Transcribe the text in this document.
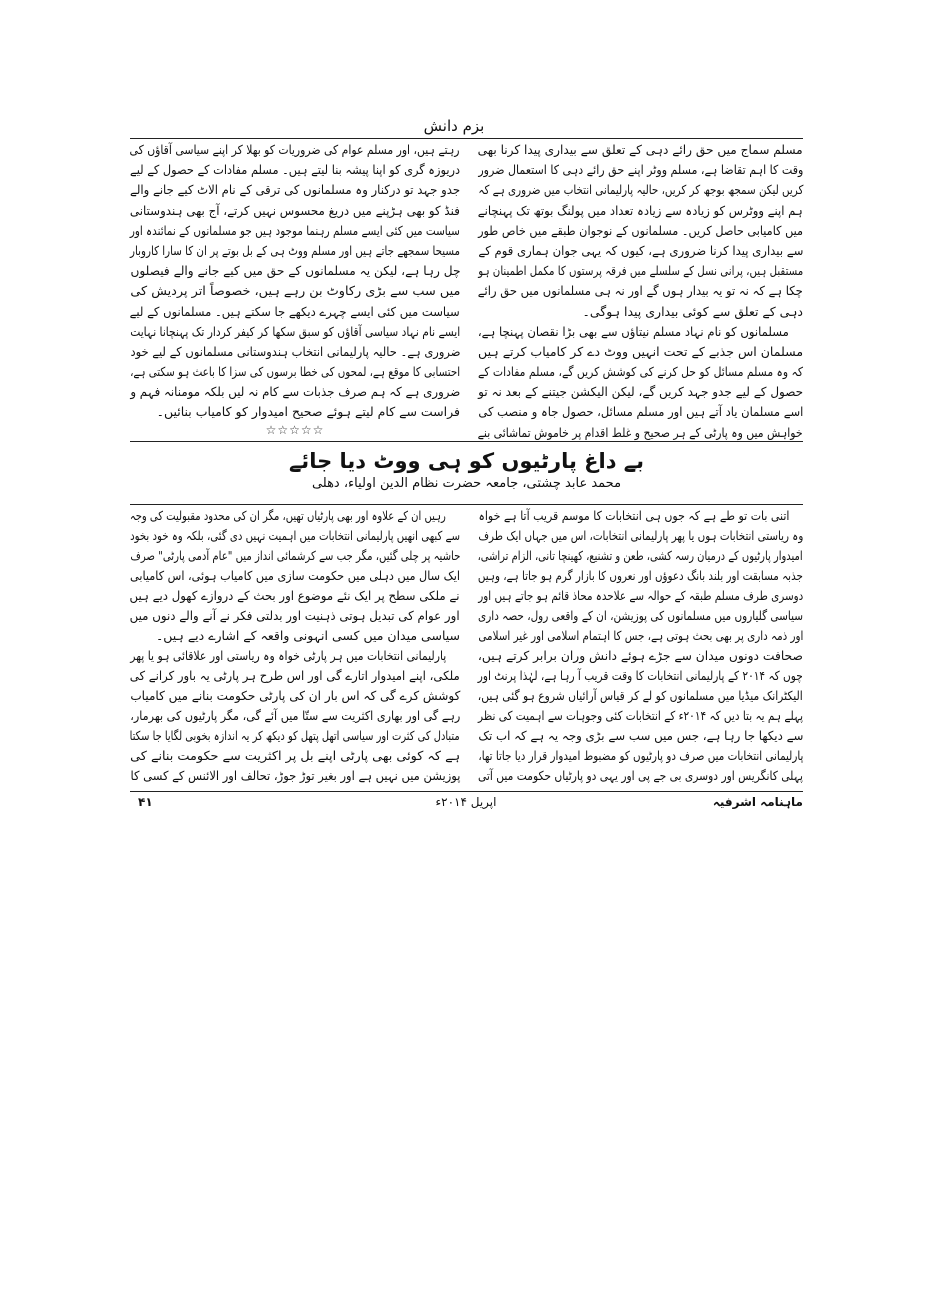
بزم دانش
مسلم سماج میں حق رائے دہی کے تعلق سے بیداری پیدا کرنا بھی
وقت کا اہم تقاضا ہے، مسلم ووٹر اپنے حق رائے دہی کا استعمال ضرور
کریں لیکن سمجھ بوجھ کر کریں، حالیہ پارلیمانی انتخاب میں ضروری ہے کہ
ہم اپنے ووٹرس کو زیادہ سے زیادہ تعداد میں پولنگ بوتھ تک پہنچانے
میں کامیابی حاصل کریں۔ مسلمانوں کے نوجوان طبقے میں خاص طور
سے بیداری پیدا کرنا ضروری ہے، کیوں کہ یہی جوان ہماری قوم کے
مستقبل ہیں، پرانی نسل کے سلسلے میں فرقہ پرستوں کا مکمل اطمینان ہو
چکا ہے کہ نہ تو یہ بیدار ہوں گے اور نہ ہی مسلمانوں میں حق رائے
دہی کے تعلق سے کوئی بیداری پیدا ہوگی۔
مسلمانوں کو نام نہاد مسلم نیتاؤں سے بھی بڑا نقصان پہنچا ہے،
مسلمان اس جذبے کے تحت انہیں ووٹ دے کر کامیاب کرتے ہیں
کہ وہ مسلم مسائل کو حل کرنے کی کوشش کریں گے، مسلم مفادات کے
حصول کے لیے جدو جہد کریں گے، لیکن الیکشن جیتنے کے بعد نہ تو
اسے مسلمان یاد آتے ہیں اور مسلم مسائل، حصول جاہ و منصب کی
خواہش میں وہ پارٹی کے ہر صحیح و غلط اقدام پر خاموش تماشائی بنے
رہتے ہیں، اور مسلم عوام کی ضروریات کو بھلا کر اپنے سیاسی آقاؤں کی
دریوزہ گری کو اپنا پیشہ بنا لیتے ہیں۔ مسلم مفادات کے حصول کے لیے
جدو جہد تو درکنار وہ مسلمانوں کی ترقی کے نام الاٹ کیے جانے والے
فنڈ کو بھی ہڑپنے میں دریغ محسوس نہیں کرتے، آج بھی ہندوستانی
سیاست میں کئی ایسے مسلم رہنما موجود ہیں جو مسلمانوں کے نمائندہ اور
مسیحا سمجھے جاتے ہیں اور مسلم ووٹ ہی کے بل بوتے پر ان کا سارا کاروبار
چل رہا ہے، لیکن یہ مسلمانوں کے حق میں کیے جانے والے فیصلوں
میں سب سے بڑی رکاوٹ بن رہے ہیں، خصوصاً اتر پردیش کی
سیاست میں کئی ایسے چہرے دیکھے جا سکتے ہیں۔ مسلمانوں کے لیے
ایسے نام نہاد سیاسی آقاؤں کو سبق سکھا کر کیفر کردار تک پہنچانا نہایت
ضروری ہے۔ حالیہ پارلیمانی انتخاب ہندوستانی مسلمانوں کے لیے خود
احتسابی کا موقع ہے، لمحوں کی خطا برسوں کی سزا کا باعث ہو سکتی ہے،
ضروری ہے کہ ہم صرف جذبات سے کام نہ لیں بلکہ مومنانہ فہم و
فراست سے کام لیتے ہوئے صحیح امیدوار کو کامیاب بنائیں۔
☆☆☆☆☆
بے داغ پارٹیوں کو ہی ووٹ دیا جائے
محمد عابد چشتی، جامعہ حضرت نظام الدین اولیاء، دھلی
اتنی بات تو طے ہے کہ جوں ہی انتخابات کا موسم قریب آتا ہے خواہ
وہ ریاستی انتخابات ہوں یا پھر پارلیمانی انتخابات، اس میں جہاں ایک طرف
امیدوار پارٹیوں کے درمیان رسہ کشی، طعن و تشنیع، کھینچا تانی، الزام تراشی،
جذبہ مسابقت اور بلند بانگ دعوؤں اور نعروں کا بازار گرم ہو جاتا ہے، وہیں
دوسری طرف مسلم طبقہ کے حوالہ سے علاحدہ محاذ قائم ہو جاتے ہیں اور
سیاسی گلیاروں میں مسلمانوں کی پوزیشن، ان کے واقعی رول، حصہ داری
اور ذمہ داری پر بھی بحث ہوتی ہے، جس کا اہتمام اسلامی اور غیر اسلامی
صحافت دونوں میدان سے جڑے ہوئے دانش وران برابر کرتے ہیں،
چوں کہ ۲۰۱۴ کے پارلیمانی انتخابات کا وقت قریب آ رہا ہے، لہٰذا پرنٹ اور
الیکٹرانک میڈیا میں مسلمانوں کو لے کر قیاس آرائیاں شروع ہو گئی ہیں،
پہلے ہم یہ بتا دیں کہ ۲۰۱۴ء کے انتخابات کئی وجوہات سے اہمیت کی نظر
سے دیکھا جا رہا ہے، جس میں سب سے بڑی وجہ یہ ہے کہ اب تک
پارلیمانی انتخابات میں صرف دو پارٹیوں کو مضبوط امیدوار قرار دیا جاتا تھا،
پہلی کانگریس اور دوسری بی جے پی اور یہی دو پارٹیاں حکومت میں آتی
رہیں ان کے علاوہ اور بھی پارٹیاں تھیں، مگر ان کی محدود مقبولیت کی وجہ
سے کبھی انھیں پارلیمانی انتخابات میں اہمیت نہیں دی گئی، بلکہ وہ خود بخود
حاشیہ پر چلی گئیں، مگر جب سے کرشمائی انداز میں "عام آدمی پارٹی" صرف
ایک سال میں دہلی میں حکومت سازی میں کامیاب ہوئی، اس کامیابی
نے ملکی سطح پر ایک نئے موضوع اور بحث کے دروازے کھول دیے ہیں
اور عوام کی تبدیل ہوتی ذہنیت اور بدلتی فکر نے آنے والے دنوں میں
سیاسی میدان میں کسی انہونی واقعہ کے اشارے دیے ہیں۔
پارلیمانی انتخابات میں ہر پارٹی خواہ وہ ریاستی اور علاقائی ہو یا پھر
ملکی، اپنے امیدوار اتارے گی اور اس طرح ہر پارٹی یہ باور کرانے کی
کوشش کرے گی کہ اس بار ان کی پارٹی حکومت بنانے میں کامیاب
رہے گی اور بھاری اکثریت سے ستّا میں آئے گی، مگر پارٹیوں کی بھرمار،
متبادل کی کثرت اور سیاسی اتھل پتھل کو دیکھ کر یہ اندازہ بخوبی لگایا جا سکتا
ہے کہ کوئی بھی پارٹی اپنے بل پر اکثریت سے حکومت بنانے کی
پوزیشن میں نہیں ہے اور بغیر توڑ جوڑ، تحالف اور الائنس کے کسی کا
ماہنامہ اشرفیہ
اپریل ۲۰۱۴ء
۴۱
